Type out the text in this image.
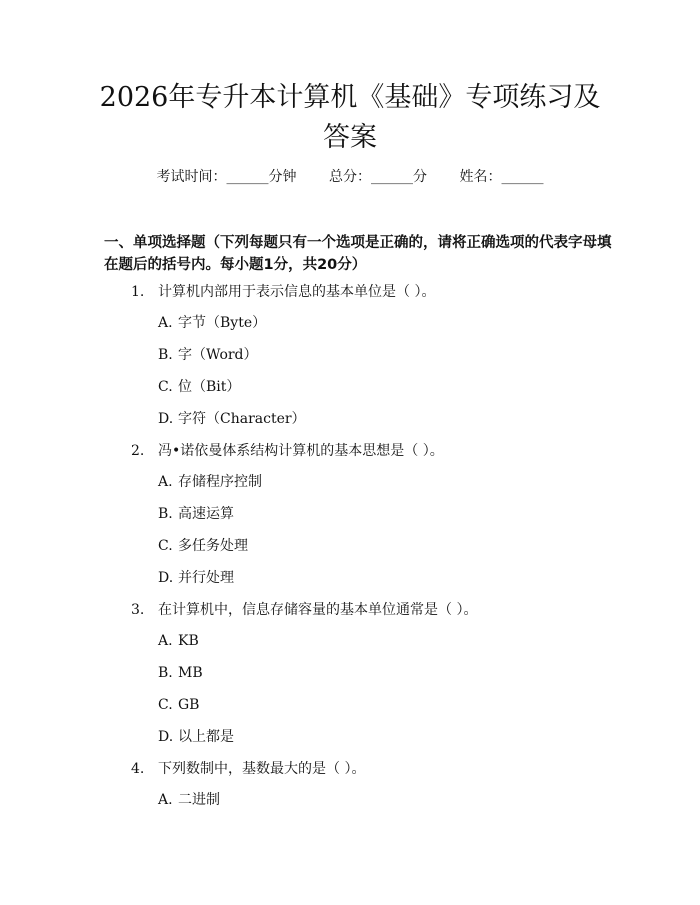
2026年专升本计算机《基础》专项练习及答案
考试时间：______分钟 总分：______分 姓名：______
一、单项选择题（下列每题只有一个选项是正确的，请将正确选项的代表字母填在题后的括号内。每小题1分，共20分）
1. 计算机内部用于表示信息的基本单位是（ ）。
A. 字节（Byte）
B. 字（Word）
C. 位（Bit）
D. 字符（Character）
2. 冯•诺依曼体系结构计算机的基本思想是（ ）。
A. 存储程序控制
B. 高速运算
C. 多任务处理
D. 并行处理
3. 在计算机中，信息存储容量的基本单位通常是（ ）。
A. KB
B. MB
C. GB
D. 以上都是
4. 下列数制中，基数最大的是（ ）。
A. 二进制
